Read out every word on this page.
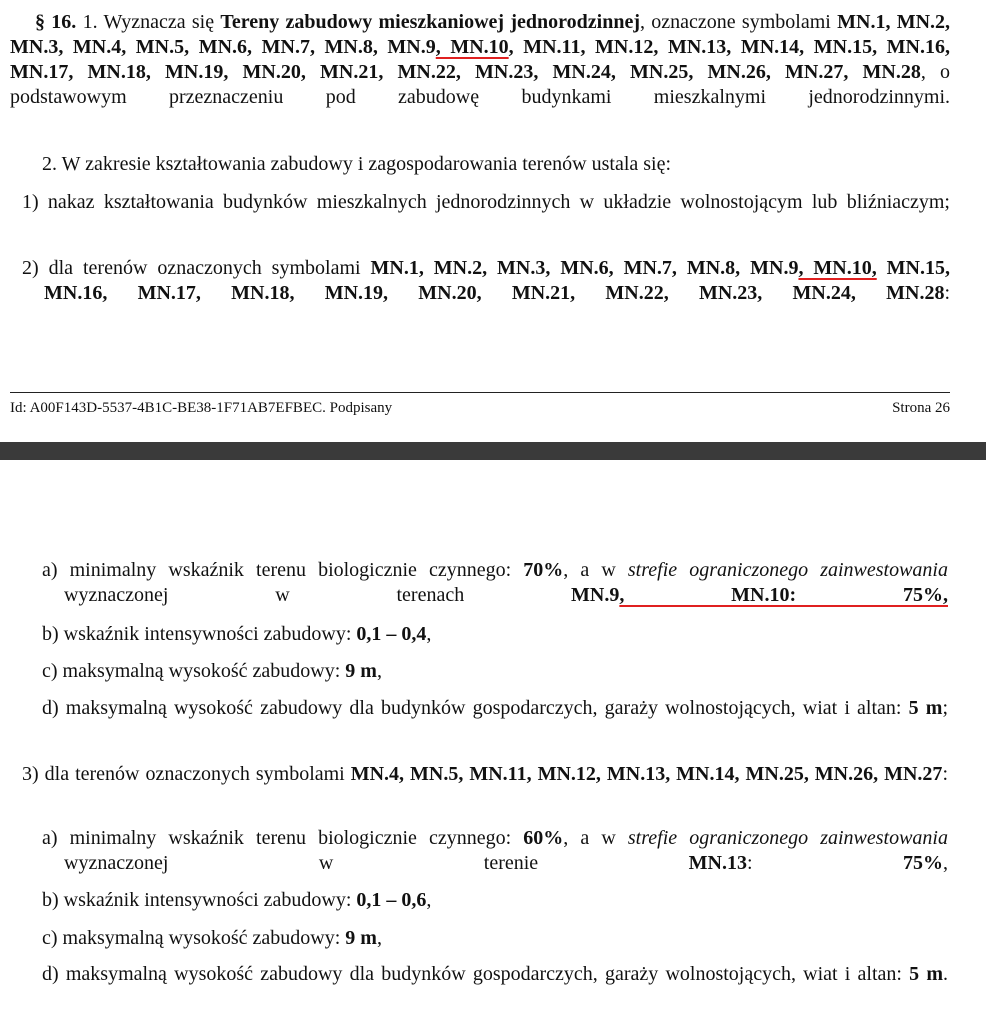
§ 16. 1. Wyznacza się Tereny zabudowy mieszkaniowej jednorodzinnej, oznaczone symbolami MN.1, MN.2, MN.3, MN.4, MN.5, MN.6, MN.7, MN.8, MN.9, MN.10, MN.11, MN.12, MN.13, MN.14, MN.15, MN.16, MN.17, MN.18, MN.19, MN.20, MN.21, MN.22, MN.23, MN.24, MN.25, MN.26, MN.27, MN.28, o podstawowym przeznaczeniu pod zabudowę budynkami mieszkalnymi jednorodzinnymi.

2. W zakresie kształtowania zabudowy i zagospodarowania terenów ustala się:

1) nakaz kształtowania budynków mieszkalnych jednorodzinnych w układzie wolnostojącym lub bliźniaczym;

2) dla terenów oznaczonych symbolami MN.1, MN.2, MN.3, MN.6, MN.7, MN.8, MN.9, MN.10, MN.15, MN.16, MN.17, MN.18, MN.19, MN.20, MN.21, MN.22, MN.23, MN.24, MN.28:

Id: A00F143D-5537-4B1C-BE38-1F71AB7EFBEC. Podpisany	Strona 26

a) minimalny wskaźnik terenu biologicznie czynnego: 70%, a w strefie ograniczonego zainwestowania wyznaczonej w terenach MN.9, MN.10: 75%,

b) wskaźnik intensywności zabudowy: 0,1 – 0,4,

c) maksymalną wysokość zabudowy: 9 m,

d) maksymalną wysokość zabudowy dla budynków gospodarczych, garaży wolnostojących, wiat i altan: 5 m;

3) dla terenów oznaczonych symbolami MN.4, MN.5, MN.11, MN.12, MN.13, MN.14, MN.25, MN.26, MN.27:

a) minimalny wskaźnik terenu biologicznie czynnego: 60%, a w strefie ograniczonego zainwestowania wyznaczonej w terenie MN.13: 75%,

b) wskaźnik intensywności zabudowy: 0,1 – 0,6,

c) maksymalną wysokość zabudowy: 9 m,

d) maksymalną wysokość zabudowy dla budynków gospodarczych, garaży wolnostojących, wiat i altan: 5 m.
